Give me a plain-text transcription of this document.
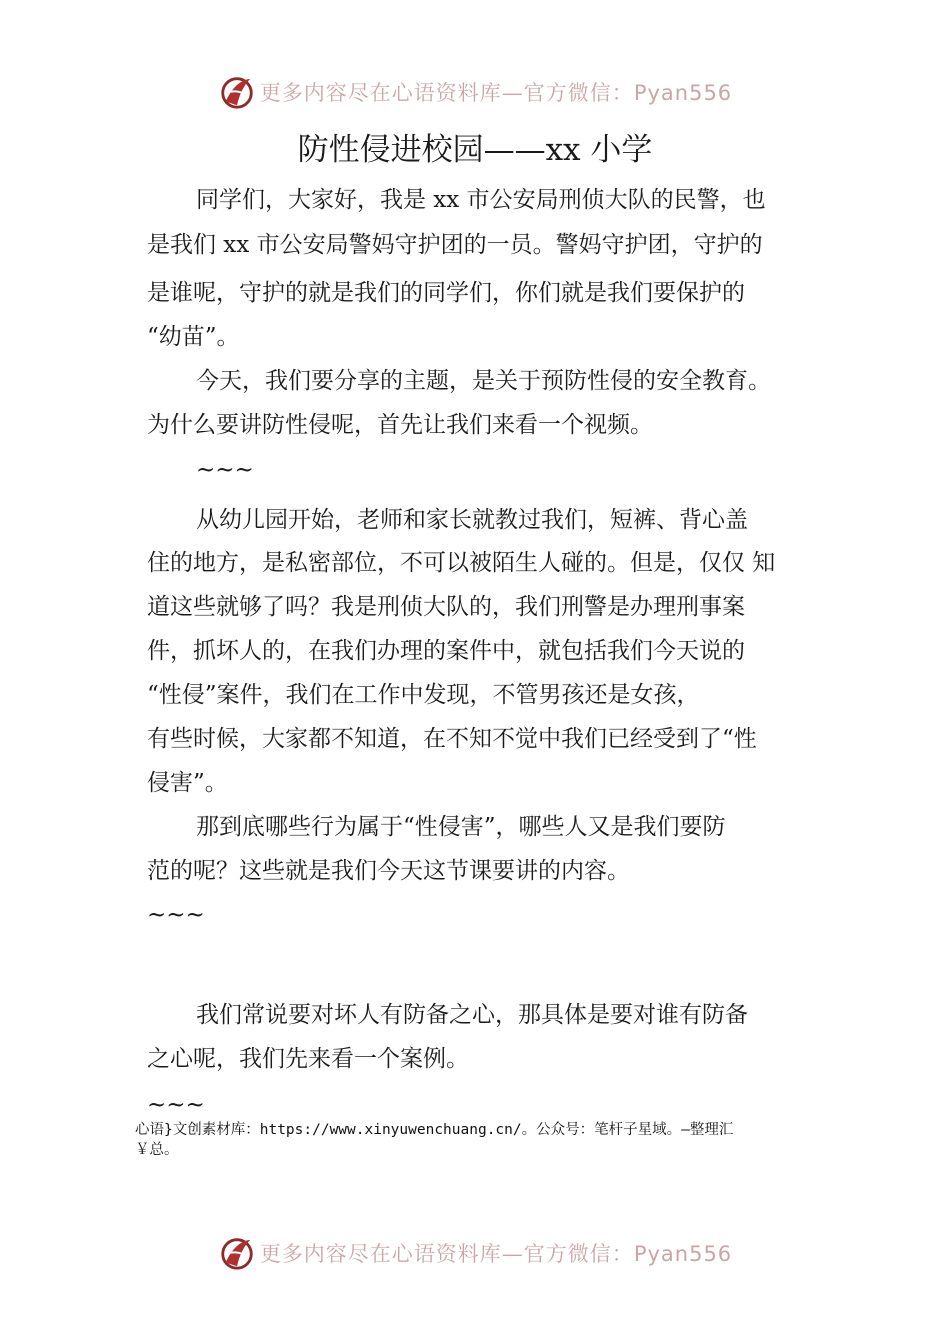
更多内容尽在心语资料库—官方微信：Pyan556
防性侵进校园——xx 小学
同学们，大家好，我是 xx 市公安局刑侦大队的民警，也
是我们 xx 市公安局警妈守护团的一员。警妈守护团，守护的
是谁呢，守护的就是我们的同学们，你们就是我们要保护的
“幼苗”。
今天，我们要分享的主题，是关于预防性侵的安全教育。
为什么要讲防性侵呢，首先让我们来看一个视频。
~~~
从幼儿园开始，老师和家长就教过我们，短裤、背心盖
住的地方，是私密部位，不可以被陌生人碰的。但是，仅仅 知
道这些就够了吗？我是刑侦大队的，我们刑警是办理刑事案
件，抓坏人的，在我们办理的案件中，就包括我们今天说的
“性侵”案件，我们在工作中发现，不管男孩还是女孩，
有些时候，大家都不知道，在不知不觉中我们已经受到了“性
侵害”。
那到底哪些行为属于“性侵害”，哪些人又是我们要防
范的呢？这些就是我们今天这节课要讲的内容。
~~~
我们常说要对坏人有防备之心，那具体是要对谁有防备
之心呢，我们先来看一个案例。
~~~
心语}文创素材库：https://www.xinyuwenchuang.cn/。公众号：笔杆子星域。—整理汇
￥总。
更多内容尽在心语资料库—官方微信：Pyan556
